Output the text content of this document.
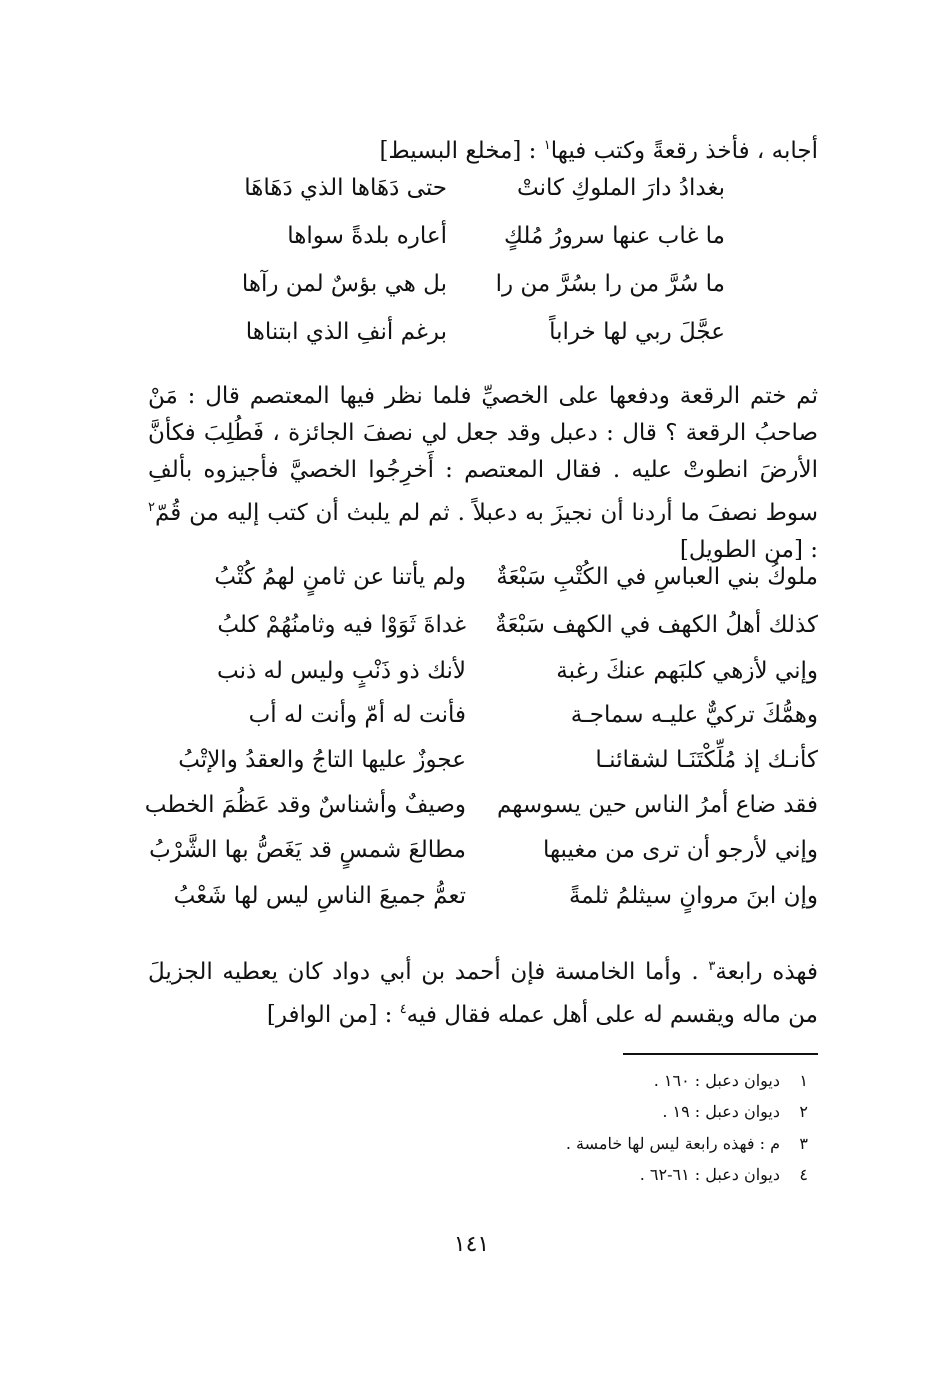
أجابه ، فأخذ رقعةً وكتب فيها$^١$ : [مخلع البسيط]
بغدادُ دارَ الملوكِ كانتْ
حتى دَهَاها الذي دَهَاهَا
ما غاب عنها سرورُ مُلكٍ
أعاره بلدةً سواها
ما سُرَّ من را بسُرَّ من را
بل هي بؤسٌ لمن رآها
عجَّلَ ربي لها خراباً
برغم أنفِ الذي ابتناها
ثم ختم الرقعة ودفعها على الخصيِّ فلما نظر فيها المعتصم قال : مَنْ صاحبُ الرقعة ؟ قال : دعبل وقد جعل لي نصفَ الجائزة ، فَطُلِبَ فكأنَّ الأرضَ انطوتْ عليه . فقال المعتصم : أَخرِجُوا الخصيَّ فأجيزوه بألفِ سوط نصفَ ما أردنا أن نجيزَ به دعبلاً . ثم لم يلبث أن كتب إليه من قُمّ$^٢$ : [من الطويل]
ملوكُ بني العباسِ في الكُتْبِ سَبْعَةٌ
ولم يأتنا عن ثامنٍ لهمُ كُتْبُ
كذلك أهلُ الكهف في الكهف سَبْعَةٌ
غداةَ ثَوَوْا فيه وثامنُهُمْ كلبُ
وإني لأزهي كلبَهم عنكَ رغبة
لأنك ذو ذَنْبٍ وليس له ذنب
وهمُّكَ تركيٌّ عليـه سماجـة
فأنت له أمّ وأنت له أب
كأنـك إذ مُلِّكْتَنَـا لشقائنـا
عجوزٌ عليها التاجُ والعقدُ والإتْبُ
فقد ضاع أمرُ الناس حين يسوسهم
وصيفٌ وأشناسٌ وقد عَظُمَ الخطب
وإني لأرجو أن ترى من مغيبها
مطالعَ شمسٍ قد يَغَصُّ بها الشَّرْبُ
وإن ابنَ مروانٍ سيثلمُ ثلمةً
تعمُّ جميعَ الناسِ ليس لها شَعْبُ
فهذه رابعة$^٣$ . وأما الخامسة فإن أحمد بن أبي دواد كان يعطيه الجزيلَ من ماله ويقسم له على أهل عمله فقال فيه$^٤$ : [من الوافر]
١ديوان دعبل : ١٦٠ .
٢ديوان دعبل : ١٩ .
٣م : فهذه رابعة ليس لها خامسة .
٤ديوان دعبل : ٦١-٦٢ .
١٤١
